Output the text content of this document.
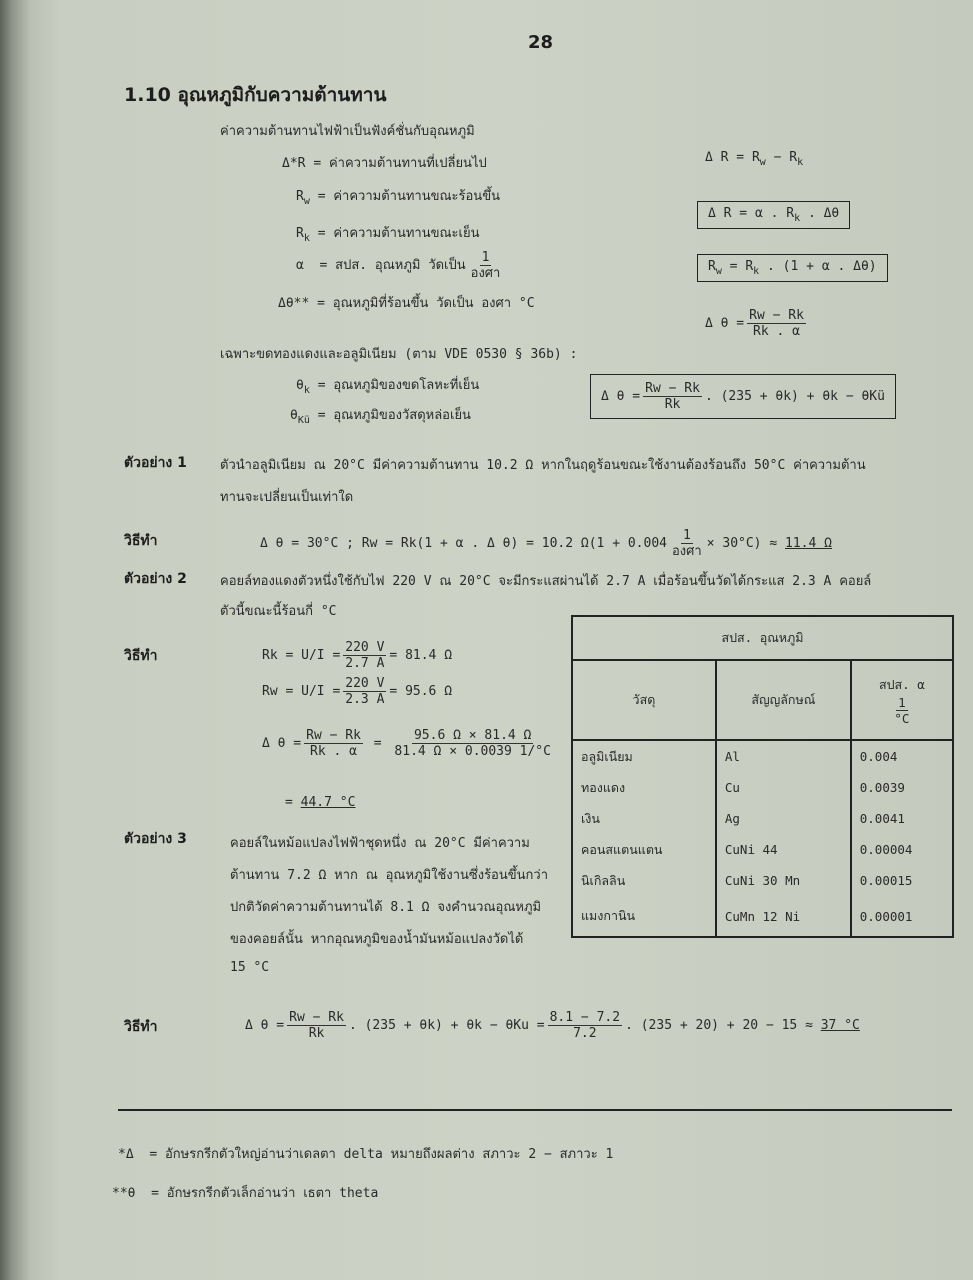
28
1.10 อุณหภูมิกับความต้านทาน
ค่าความต้านทานไฟฟ้าเป็นฟังค์ชั่นกับอุณหภูมิ
Δ*R = ค่าความต้านทานที่เปลี่ยนไป
$R_w$ = ค่าความต้านทานขณะร้อนขึ้น
$R_k$ = ค่าความต้านทานขณะเย็น
α = สปส. อุณหภูมิ วัดเป็น $\frac{1}{\text{องศา}}$
Δθ** = อุณหภูมิที่ร้อนขึ้น วัดเป็น องศา °C
Δ $R = R_w - R_k$
Δ R = α . $R_k$ . Δθ
$R_w = R_k$ . (1 + α . Δθ)
Δ $\theta = \frac{Rw - Rk}{Rk . \alpha}$
เฉพาะขดทองแดงและอลูมิเนียม (ตาม VDE 0530 § 36b) :
$\theta_k$ = อุณหภูมิของขดโลหะที่เย็น
$\theta_{Kü}$ = อุณหภูมิของวัสดุหล่อเย็น
Δ $\theta = \frac{Rw - Rk}{Rk}$ . (235 + θk) + θk − θKü
ตัวอย่าง 1	ตัวนำอลูมิเนียม ณ 20°C มีค่าความต้านทาน 10.2 Ω หากในฤดูร้อนขณะใช้งานต้องร้อนถึง 50°C ค่าความต้าน
ทานจะเปลี่ยนเป็นเท่าใด
วิธีทำ	Δ θ = 30°C ; Rw = Rk(1 + α . Δ θ) = 10.2 $\Omega(1 + 0.004 \frac{1}{\text{องศา}} \times 30^\circ C) \approx 11.4$ Ω
ตัวอย่าง 2	คอยล์ทองแดงตัวหนึ่งใช้กับไฟ 220 V ณ 20°C จะมีกระแสผ่านได้ 2.7 A เมื่อร้อนขึ้นวัดได้กระแส 2.3 A คอยล์
ตัวนี้ขณะนี้ร้อนกี่ °C
วิธีทำ	$Rk = U/I = \frac{220 V}{2.7 A} = 81.4$ Ω
$Rw = U/I = \frac{220 V}{2.3 A} = 95.6$ Ω
Δ $\theta = \frac{Rw - Rk}{Rk . \alpha} = \frac{95.6 \Omega \times 81.4 \Omega}{81.4 \Omega \times 0.0039 1/^\circ C}$
= 44.7 °C
สปส. อุณหภูมิ		
วัสดุ	สัญญลักษณ์	สปส. α

$\frac{1}{^\circ C}$

อลูมิเนียม	Al	0.004
ทองแดง	Cu	0.0039
เงิน	Ag	0.0041
คอนสแตนแตน	CuNi 44	0.00004
นิเกิลลิน	CuNi 30 Mn	0.00015
แมงกานิน	CuMn 12 Ni	0.00001
ตัวอย่าง 3	คอยล์ในหม้อแปลงไฟฟ้าชุดหนึ่ง ณ 20°C มีค่าความ
ต้านทาน 7.2 Ω หาก ณ อุณหภูมิใช้งานซึ่งร้อนขึ้นกว่า
ปกติวัดค่าความต้านทานได้ 8.1 Ω จงคำนวณอุณหภูมิ
ของคอยล์นั้น หากอุณหภูมิของน้ำมันหม้อแปลงวัดได้
15 °C
วิธีทำ	Δ $\theta = \frac{Rw - Rk}{Rk}$ . $(235 + \theta k) + \theta k - \theta Ku = \frac{8.1 - 7.2}{7.2}$ . (235 + 20) + 20 − 15 ≈ 37 °C
*Δ = อักษรกรีกตัวใหญ่อ่านว่าเดลตา delta หมายถึงผลต่าง สภาวะ 2 − สภาวะ 1
**θ = อักษรกรีกตัวเล็กอ่านว่า เธตา theta
